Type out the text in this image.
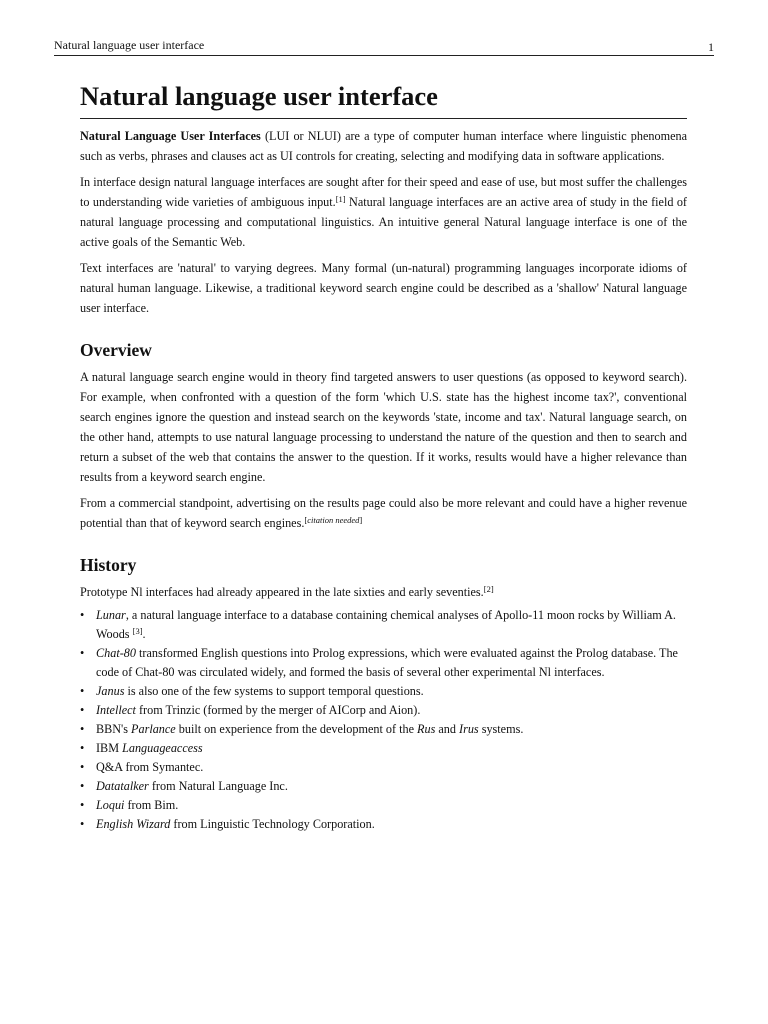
Natural language user interface	1
Natural language user interface

Natural Language User Interfaces (LUI or NLUI) are a type of computer human interface where linguistic phenomena such as verbs, phrases and clauses act as UI controls for creating, selecting and modifying data in software applications.

In interface design natural language interfaces are sought after for their speed and ease of use, but most suffer the challenges to understanding wide varieties of ambiguous input.[1] Natural language interfaces are an active area of study in the field of natural language processing and computational linguistics. An intuitive general Natural language interface is one of the active goals of the Semantic Web.

Text interfaces are 'natural' to varying degrees. Many formal (un-natural) programming languages incorporate idioms of natural human language. Likewise, a traditional keyword search engine could be described as a 'shallow' Natural language user interface.

Overview

A natural language search engine would in theory find targeted answers to user questions (as opposed to keyword search). For example, when confronted with a question of the form 'which U.S. state has the highest income tax?', conventional search engines ignore the question and instead search on the keywords 'state, income and tax'. Natural language search, on the other hand, attempts to use natural language processing to understand the nature of the question and then to search and return a subset of the web that contains the answer to the question. If it works, results would have a higher relevance than results from a keyword search engine.

From a commercial standpoint, advertising on the results page could also be more relevant and could have a higher revenue potential than that of keyword search engines.[citation needed]

History

Prototype Nl interfaces had already appeared in the late sixties and early seventies.[2]

• Lunar, a natural language interface to a database containing chemical analyses of Apollo-11 moon rocks by William A. Woods [3].
• Chat-80 transformed English questions into Prolog expressions, which were evaluated against the Prolog database. The code of Chat-80 was circulated widely, and formed the basis of several other experimental Nl interfaces.
• Janus is also one of the few systems to support temporal questions.
• Intellect from Trinzic (formed by the merger of AICorp and Aion).
• BBN's Parlance built on experience from the development of the Rus and Irus systems.
• IBM Languageaccess
• Q&A from Symantec.
• Datatalker from Natural Language Inc.
• Loqui from Bim.
• English Wizard from Linguistic Technology Corporation.
